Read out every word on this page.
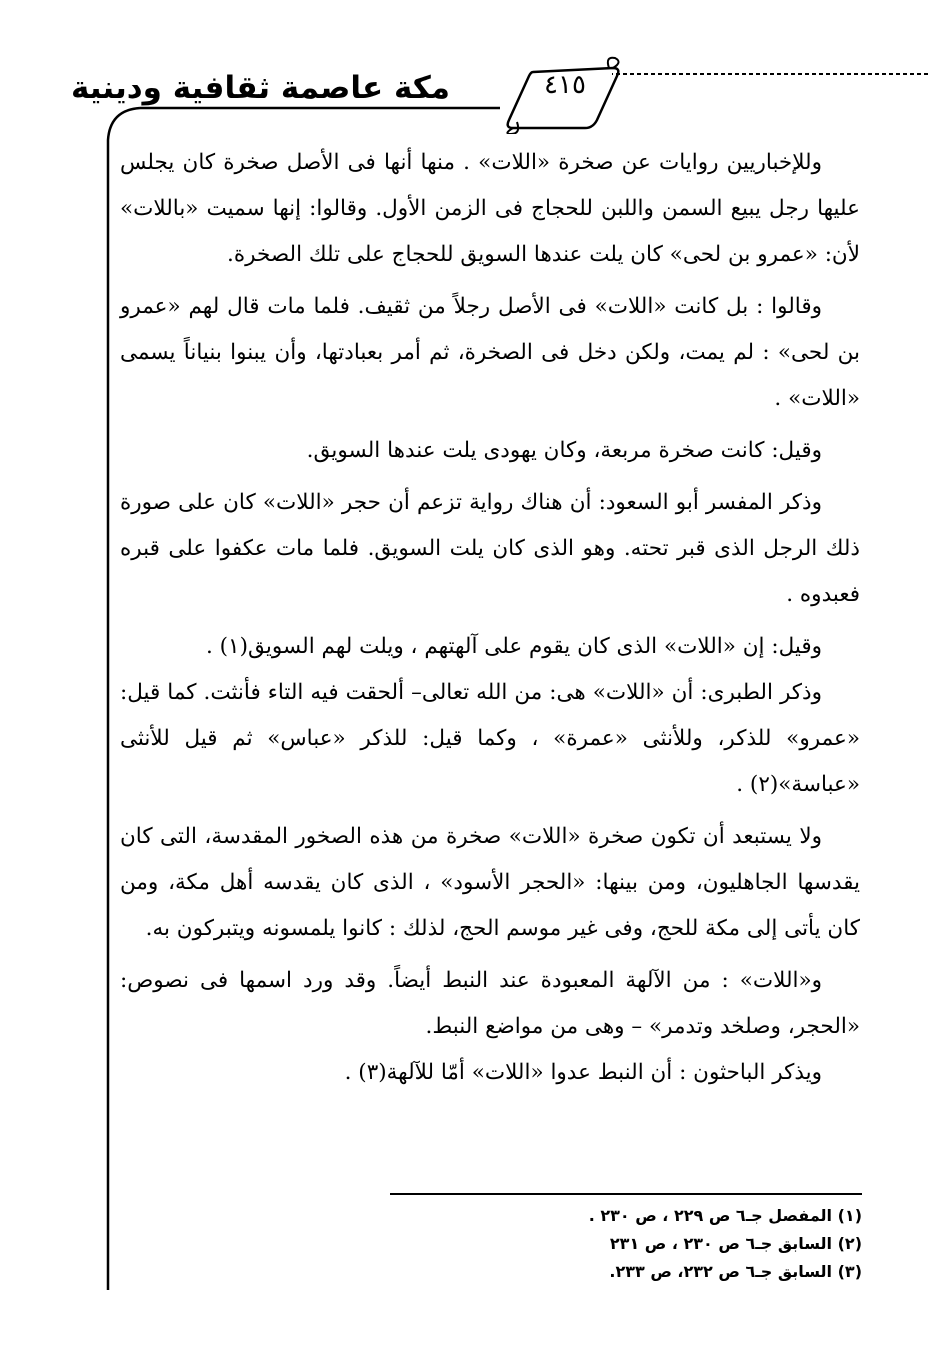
مكة عاصمة ثقافية ودينية	٤١٥

وللإخباريين روايات عن صخرة «اللات» . منها أنها فى الأصل صخرة كان يجلس عليها رجل يبيع السمن واللبن للحجاج فى الزمن الأول. وقالوا: إنها سميت «باللات» لأن: «عمرو بن لحى» كان يلت عندها السويق للحجاج على تلك الصخرة.

وقالوا : بل كانت «اللات» فى الأصل رجلاً من ثقيف. فلما مات قال لهم «عمرو بن لحى» : لم يمت، ولكن دخل فى الصخرة، ثم أمر بعبادتها، وأن يبنوا بنياناً يسمى «اللات» .

وقيل: كانت صخرة مربعة، وكان يهودى يلت عندها السويق.

وذكر المفسر أبو السعود: أن هناك رواية تزعم أن حجر «اللات» كان على صورة ذلك الرجل الذى قبر تحته. وهو الذى كان يلت السويق. فلما مات عكفوا على قبره فعبدوه .

وقيل: إن «اللات» الذى كان يقوم على آلهتهم ، ويلت لهم السويق(١) .

وذكر الطبرى: أن «اللات» هى: من الله تعالى– ألحقت فيه التاء فأنثت. كما قيل: «عمرو» للذكر، وللأنثى «عمرة» ، وكما قيل: للذكر «عباس» ثم قيل للأنثى «عباسة»(٢) .

ولا يستبعد أن تكون صخرة «اللات» صخرة من هذه الصخور المقدسة، التى كان يقدسها الجاهليون، ومن بينها: «الحجر الأسود» ، الذى كان يقدسه أهل مكة، ومن كان يأتى إلى مكة للحج، وفى غير موسم الحج، لذلك : كانوا يلمسونه ويتبركون به.

و«اللات» : من الآلهة المعبودة عند النبط أيضاً. وقد ورد اسمها فى نصوص: «الحجر، وصلخد وتدمر» – وهى من مواضع النبط.

ويذكر الباحثون : أن النبط عدوا «اللات» أمّا للآلهة(٣) .

(١) المفصل جـ٦ ص ٢٢٩ ، ص ٢٣٠ .
(٢) السابق جـ٦ ص ٢٣٠ ، ص ٢٣١
(٣) السابق جـ٦ ص ٢٣٢، ص ٢٣٣.
